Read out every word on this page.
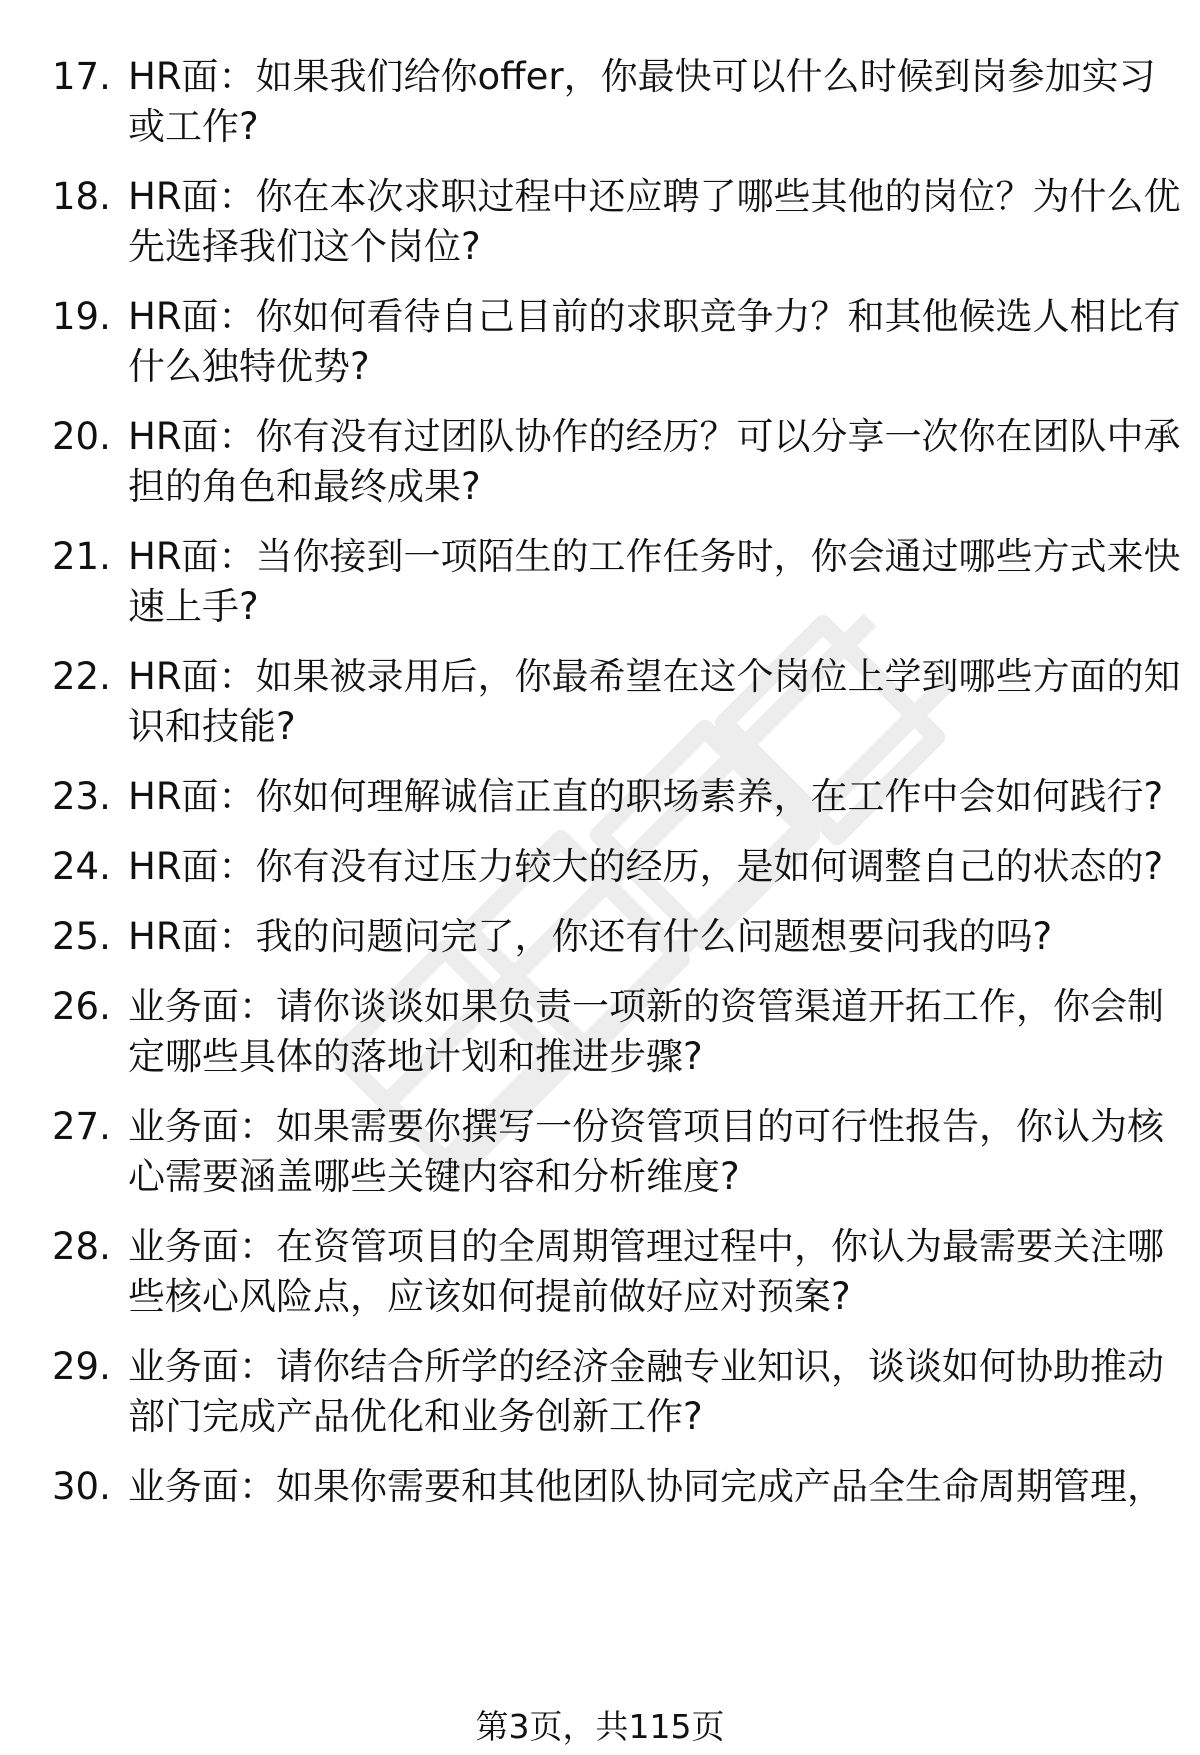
17. HR面：如果我们给你offer，你最快可以什么时候到岗参加实习
或工作?
18. HR面：你在本次求职过程中还应聘了哪些其他的岗位？为什么优
先选择我们这个岗位?
19. HR面：你如何看待自己目前的求职竞争力？和其他候选人相比有
什么独特优势?
20. HR面：你有没有过团队协作的经历？可以分享一次你在团队中承
担的角色和最终成果?
21. HR面：当你接到一项陌生的工作任务时，你会通过哪些方式来快
速上手?
22. HR面：如果被录用后，你最希望在这个岗位上学到哪些方面的知
识和技能?
23. HR面：你如何理解诚信正直的职场素养，在工作中会如何践行?
24. HR面：你有没有过压力较大的经历，是如何调整自己的状态的?
25. HR面：我的问题问完了，你还有什么问题想要问我的吗?
26. 业务面：请你谈谈如果负责一项新的资管渠道开拓工作，你会制
定哪些具体的落地计划和推进步骤?
27. 业务面：如果需要你撰写一份资管项目的可行性报告，你认为核
心需要涵盖哪些关键内容和分析维度?
28. 业务面：在资管项目的全周期管理过程中，你认为最需要关注哪
些核心风险点，应该如何提前做好应对预案?
29. 业务面：请你结合所学的经济金融专业知识，谈谈如何协助推动
部门完成产品优化和业务创新工作?
30. 业务面：如果你需要和其他团队协同完成产品全生命周期管理，
第3页，共115页
